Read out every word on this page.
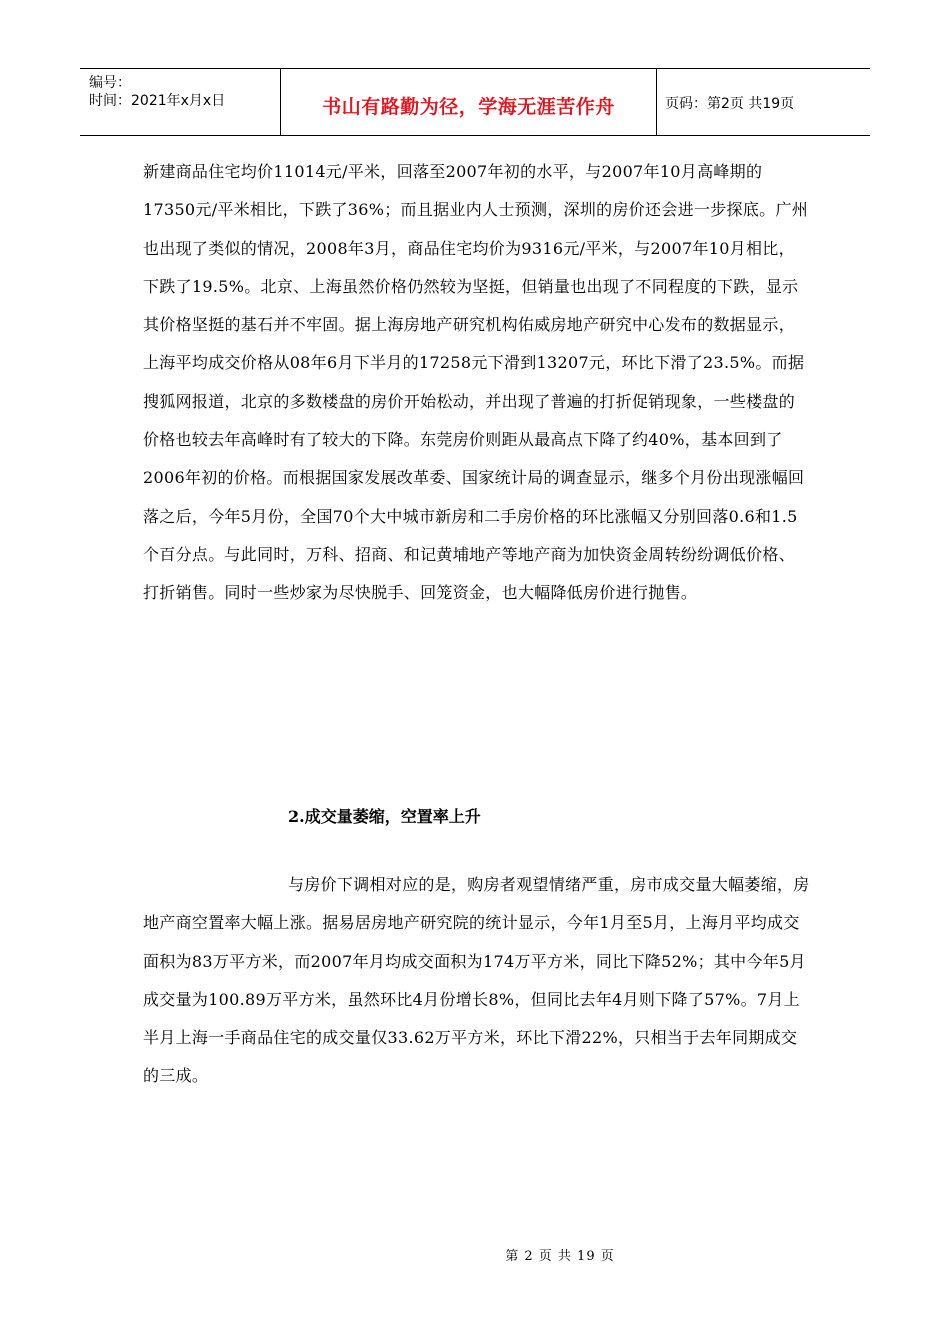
编号：
时间：2021年x月x日	书山有路勤为径，学海无涯苦作舟	页码：第2页 共19页

新建商品住宅均价11014元/平米，回落至2007年初的水平，与2007年10月高峰期的17350元/平米相比，下跌了36%；而且据业内人士预测，深圳的房价还会进一步探底。广州也出现了类似的情况，2008年3月，商品住宅均价为9316元/平米，与2007年10月相比，下跌了19.5%。北京、上海虽然价格仍然较为坚挺，但销量也出现了不同程度的下跌，显示其价格坚挺的基石并不牢固。据上海房地产研究机构佑威房地产研究中心发布的数据显示，上海平均成交价格从08年6月下半月的17258元下滑到13207元，环比下滑了23.5%。而据搜狐网报道，北京的多数楼盘的房价开始松动，并出现了普遍的打折促销现象，一些楼盘的价格也较去年高峰时有了较大的下降。东莞房价则距从最高点下降了约40%，基本回到了2006年初的价格。而根据国家发展改革委、国家统计局的调查显示，继多个月份出现涨幅回落之后，今年5月份，全国70个大中城市新房和二手房价格的环比涨幅又分别回落0.6和1.5个百分点。与此同时，万科、招商、和记黄埔地产等地产商为加快资金周转纷纷调低价格、打折销售。同时一些炒家为尽快脱手、回笼资金，也大幅降低房价进行抛售。

2.成交量萎缩，空置率上升

与房价下调相对应的是，购房者观望情绪严重，房市成交量大幅萎缩，房地产商空置率大幅上涨。据易居房地产研究院的统计显示，今年1月至5月，上海月平均成交面积为83万平方米，而2007年月均成交面积为174万平方米，同比下降52%；其中今年5月成交量为100.89万平方米，虽然环比4月份增长8%，但同比去年4月则下降了57%。7月上半月上海一手商品住宅的成交量仅33.62万平方米，环比下滑22%，只相当于去年同期成交的三成。

第 2 页 共 19 页
